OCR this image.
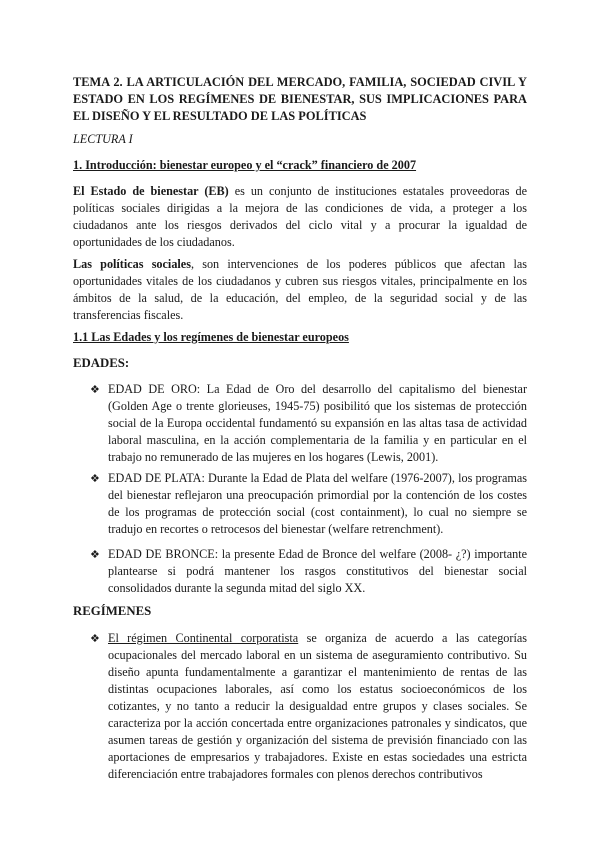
TEMA 2. LA ARTICULACIÓN DEL MERCADO, FAMILIA, SOCIEDAD CIVIL Y ESTADO EN LOS REGÍMENES DE BIENESTAR, SUS IMPLICACIONES PARA EL DISEÑO Y EL RESULTADO DE LAS POLÍTICAS
LECTURA I
1. Introducción: bienestar europeo y el “crack” financiero de 2007
El Estado de bienestar (EB) es un conjunto de instituciones estatales proveedoras de políticas sociales dirigidas a la mejora de las condiciones de vida, a proteger a los ciudadanos ante los riesgos derivados del ciclo vital y a procurar la igualdad de oportunidades de los ciudadanos.
Las políticas sociales, son intervenciones de los poderes públicos que afectan las oportunidades vitales de los ciudadanos y cubren sus riesgos vitales, principalmente en los ámbitos de la salud, de la educación, del empleo, de la seguridad social y de las transferencias fiscales.
1.1 Las Edades y los regímenes de bienestar europeos
EDADES:
❖ EDAD DE ORO: La Edad de Oro del desarrollo del capitalismo del bienestar (Golden Age o trente glorieuses, 1945-75) posibilitó que los sistemas de protección social de la Europa occidental fundamentó su expansión en las altas tasa de actividad laboral masculina, en la acción complementaria de la familia y en particular en el trabajo no remunerado de las mujeres en los hogares (Lewis, 2001).
❖ EDAD DE PLATA: Durante la Edad de Plata del welfare (1976-2007), los programas del bienestar reflejaron una preocupación primordial por la contención de los costes de los programas de protección social (cost containment), lo cual no siempre se tradujo en recortes o retrocesos del bienestar (welfare retrenchment).
❖ EDAD DE BRONCE: la presente Edad de Bronce del welfare (2008- ¿?) importante plantearse si podrá mantener los rasgos constitutivos del bienestar social consolidados durante la segunda mitad del siglo XX.
REGÍMENES
❖ El régimen Continental corporatista se organiza de acuerdo a las categorías ocupacionales del mercado laboral en un sistema de aseguramiento contributivo. Su diseño apunta fundamentalmente a garantizar el mantenimiento de rentas de las distintas ocupaciones laborales, así como los estatus socioeconómicos de los cotizantes, y no tanto a reducir la desigualdad entre grupos y clases sociales. Se caracteriza por la acción concertada entre organizaciones patronales y sindicatos, que asumen tareas de gestión y organización del sistema de previsión financiado con las aportaciones de empresarios y trabajadores. Existe en estas sociedades una estricta diferenciación entre trabajadores formales con plenos derechos contributivos
